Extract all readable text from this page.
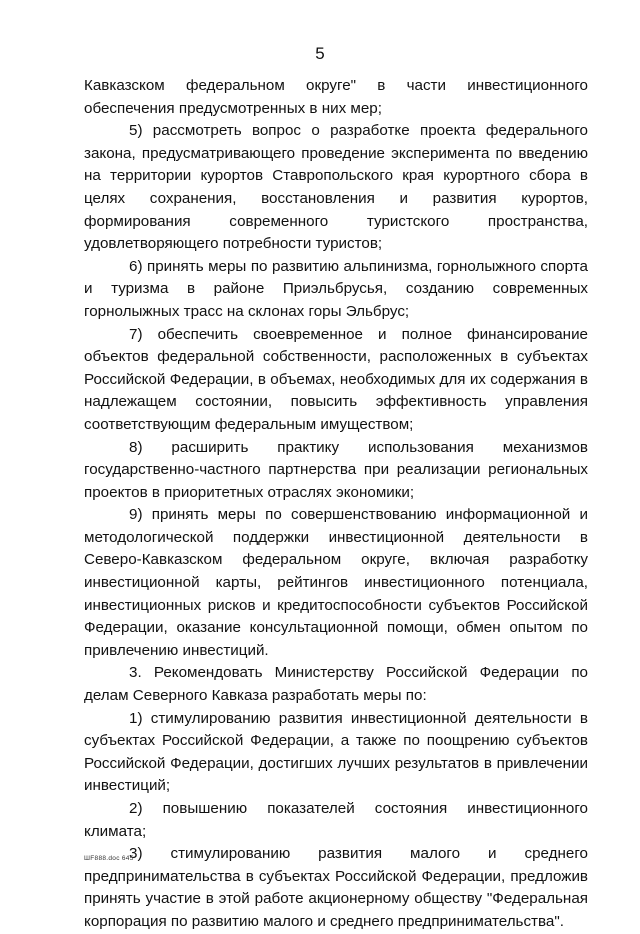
5

Кавказском федеральном округе" в части инвестиционного обеспечения предусмотренных в них мер;

5) рассмотреть вопрос о разработке проекта федерального закона, предусматривающего проведение эксперимента по введению на территории курортов Ставропольского края курортного сбора в целях сохранения, восстановления и развития курортов, формирования современного туристского пространства, удовлетворяющего потребности туристов;

6) принять меры по развитию альпинизма, горнолыжного спорта и туризма в районе Приэльбрусья, созданию современных горнолыжных трасс на склонах горы Эльбрус;

7) обеспечить своевременное и полное финансирование объектов федеральной собственности, расположенных в субъектах Российской Федерации, в объемах, необходимых для их содержания в надлежащем состоянии, повысить эффективность управления соответствующим федеральным имуществом;

8) расширить практику использования механизмов государственно-частного партнерства при реализации региональных проектов в приоритетных отраслях экономики;

9) принять меры по совершенствованию информационной и методологической поддержки инвестиционной деятельности в Северо-Кавказском федеральном округе, включая разработку инвестиционной карты, рейтингов инвестиционного потенциала, инвестиционных рисков и кредитоспособности субъектов Российской Федерации, оказание консультационной помощи, обмен опытом по привлечению инвестиций.

3. Рекомендовать Министерству Российской Федерации по делам Северного Кавказа разработать меры по:

1) стимулированию развития инвестиционной деятельности в субъектах Российской Федерации, а также по поощрению субъектов Российской Федерации, достигших лучших результатов в привлечении инвестиций;

2) повышению показателей состояния инвестиционного климата;

3) стимулированию развития малого и среднего предпринимательства в субъектах Российской Федерации, предложив принять участие в этой работе акционерному обществу "Федеральная корпорация по развитию малого и среднего предпринимательства".

ШF888.doc 645
